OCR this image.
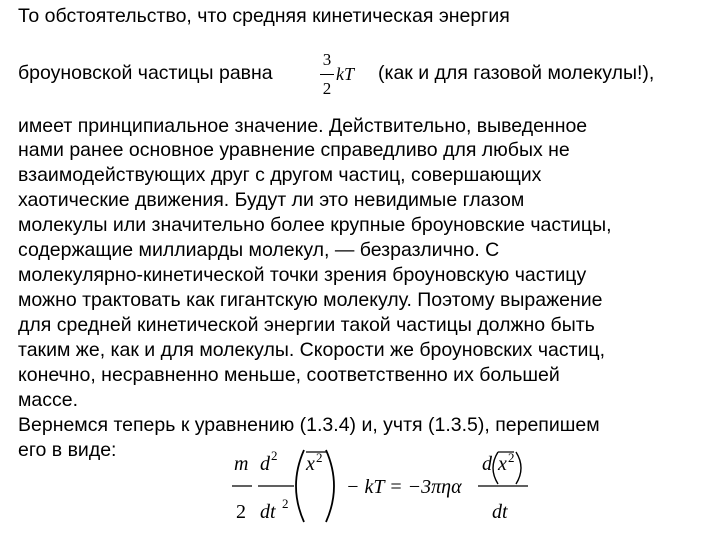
То обстоятельство, что средняя кинетическая энергия
броуновской частицы равна
3
2
kT (как и для газовой молекулы!),
имеет принципиальное значение. Действительно, выведенное
нами ранее основное уравнение справедливо для любых не
взаимодействующих друг с другом частиц, совершающих
хаотические движения. Будут ли это невидимые глазом
молекулы или значительно более крупные броуновские частицы,
содержащие миллиарды молекул, — безразлично. С
молекулярно-кинетической точки зрения броуновскую частицу
можно трактовать как гигантскую молекулу. Поэтому выражение
для средней кинетической энергии такой частицы должно быть
таким же, как и для молекулы. Скорости же броуновских частиц,
конечно, несравненно меньше, соответственно их большей
массе.
Вернемся теперь к уравнению (1.3.4) и, учтя (1.3.5), перепишем
его в виде:
m
2
d 2
dt 2
x 2
− kT = −3πηα
d x 2
dt
